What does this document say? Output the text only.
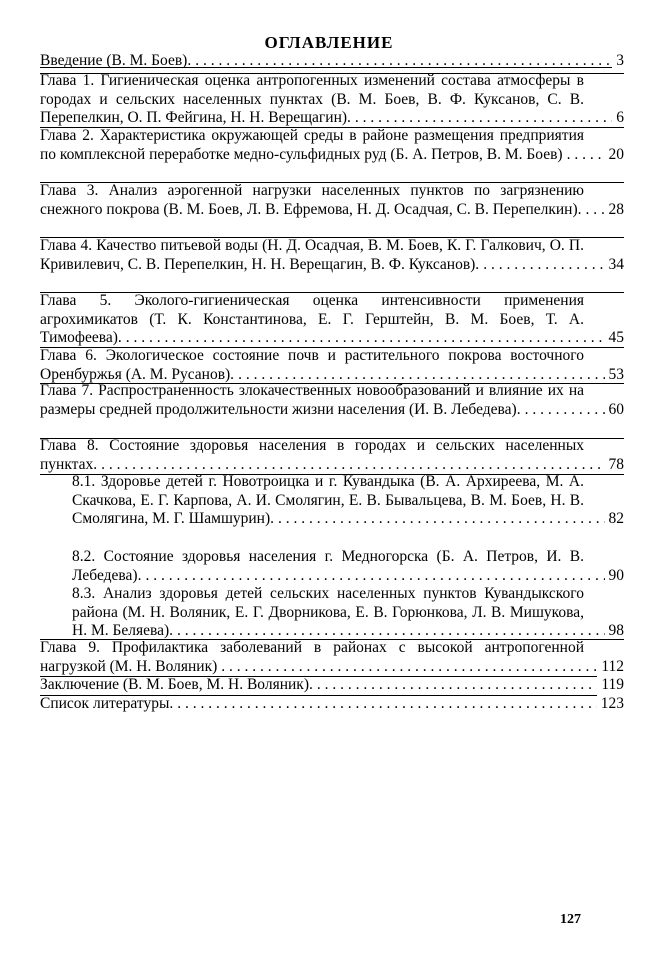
ОГЛАВЛЕНИЕ
Введение (В. М. Боев). . . .	3
Глава 1. Гигиеническая оценка антропогенных изменений состава атмосферы в городах и сельских населенных пунктах (В. М. Боев, В. Ф. Куксанов, С. В. Перепелкин, О. П. Фейгина, Н. Н. Верещагин). . . .	6
Глава 2. Характеристика окружающей среды в районе размещения предприятия по комплексной переработке медно-сульфидных руд (Б. А. Петров, В. М. Боев) . . .	20
Глава 3. Анализ аэрогенной нагрузки населенных пунктов по загрязнению снежного покрова (В. М. Боев, Л. В. Ефремова, Н. Д. Осадчая, С. В. Перепелкин). . . .	28
Глава 4. Качество питьевой воды (Н. Д. Осадчая, В. М. Боев, К. Г. Галкович, О. П. Кривилевич, С. В. Перепелкин, Н. Н. Верещагин, В. Ф. Куксанов). . . .	34
Глава 5. Эколого-гигиеническая оценка интенсивности применения агрохимикатов (Т. К. Константинова, Е. Г. Герштейн, В. М. Боев, Т. А. Тимофеева). . . .	45
Глава 6. Экологическое состояние почв и растительного покрова восточного Оренбуржья (А. М. Русанов). . . .	53
Глава 7. Распространенность злокачественных новообразований и влияние их на размеры средней продолжительности жизни населения (И. В. Лебедева). . . .	60
Глава 8. Состояние здоровья населения в городах и сельских населенных пунктах. . . .	78
8.1. Здоровье детей г. Новотроицка и г. Кувандыка (В. А. Архиреева, М. А. Скачкова, Е. Г. Карпова, А. И. Смолягин, Е. В. Бывальцева, В. М. Боев, Н. В. Смолягина, М. Г. Шамшурин). . . .	82
8.2. Состояние здоровья населения г. Медногорска (Б. А. Петров, И. В. Лебедева). . . .	90
8.3. Анализ здоровья детей сельских населенных пунктов Кувандыкского района (М. Н. Воляник, Е. Г. Дворникова, Е. В. Горюнкова, Л. В. Мишукова, Н. М. Беляева). . . .	98
Глава 9. Профилактика заболеваний в районах с высокой антропогенной нагрузкой (М. Н. Воляник) . . .	112
Заключение (В. М. Боев, М. Н. Воляник). . . .	119
Список литературы. . . .	123
127
